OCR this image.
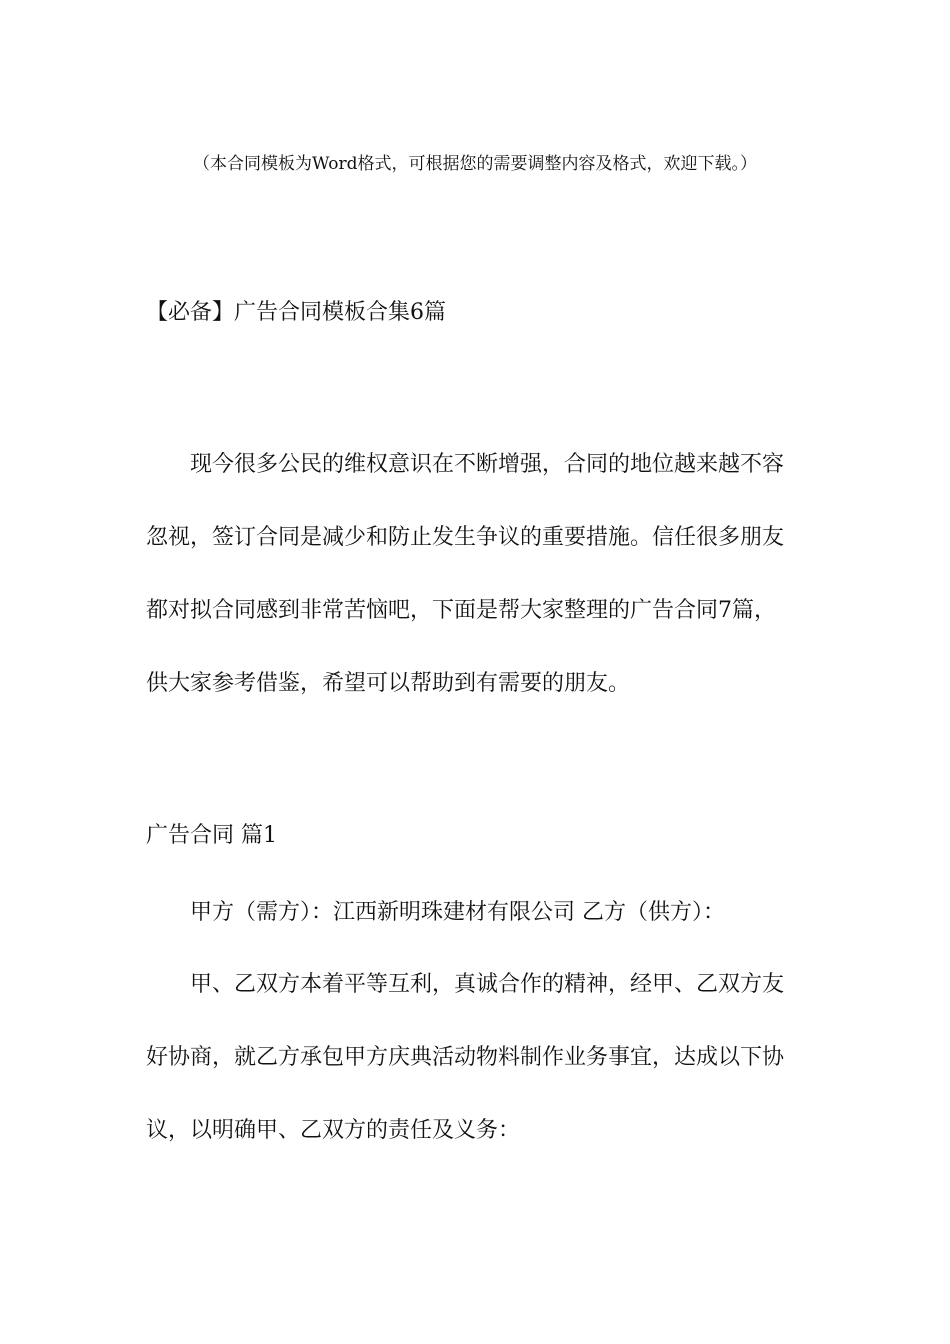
（本合同模板为Word格式，可根据您的需要调整内容及格式，欢迎下载。）
【必备】广告合同模板合集6篇
现今很多公民的维权意识在不断增强，合同的地位越来越不容
忽视，签订合同是减少和防止发生争议的重要措施。信任很多朋友
都对拟合同感到非常苦恼吧，下面是帮大家整理的广告合同7篇，
供大家参考借鉴，希望可以帮助到有需要的朋友。
广告合同 篇1
甲方（需方）：江西新明珠建材有限公司 乙方（供方）：
甲、乙双方本着平等互利，真诚合作的精神，经甲、乙双方友
好协商，就乙方承包甲方庆典活动物料制作业务事宜，达成以下协
议，以明确甲、乙双方的责任及义务：
